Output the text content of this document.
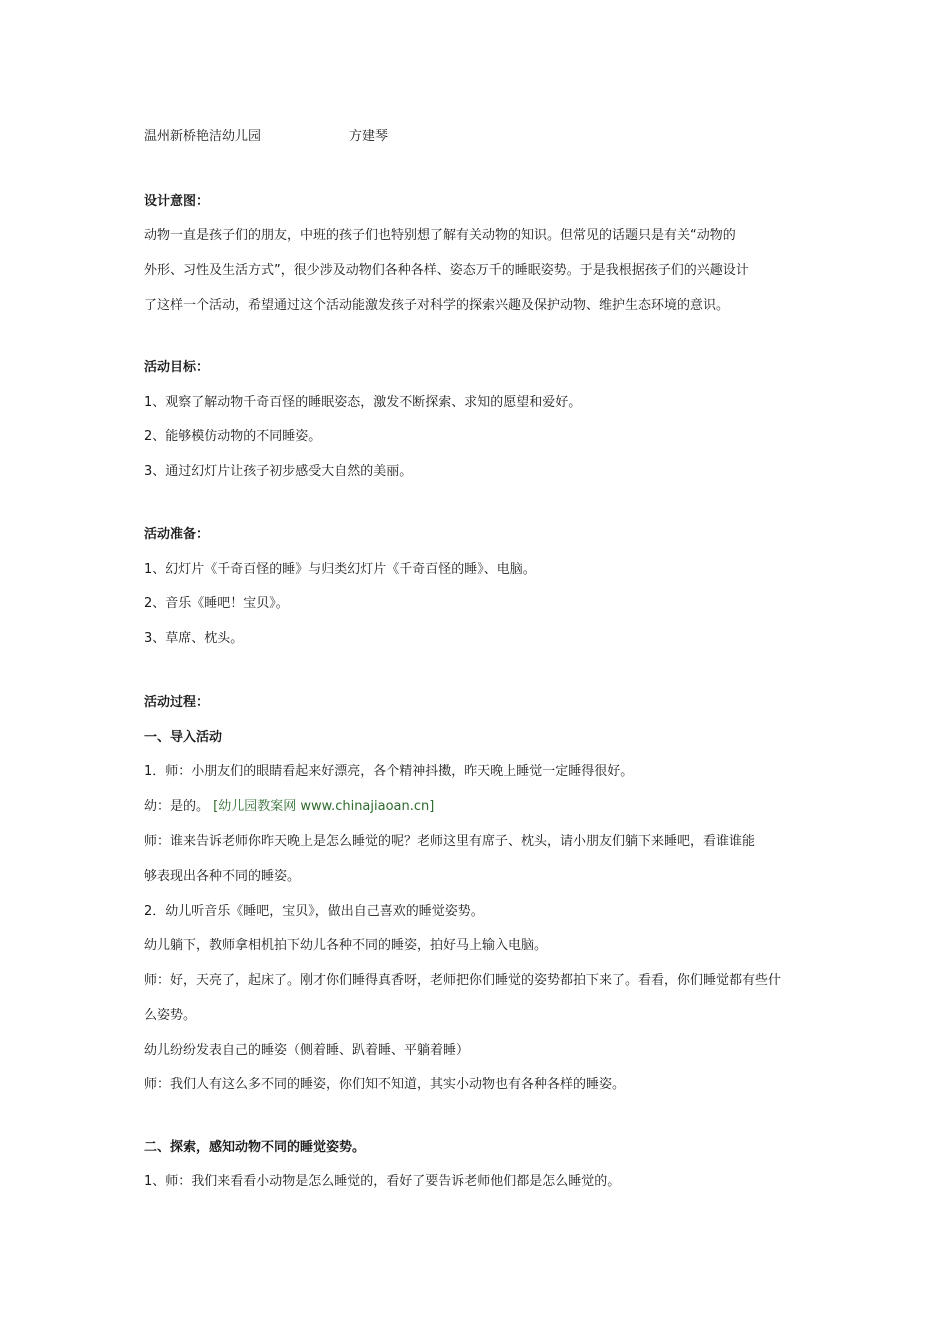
温州新桥艳洁幼儿园	方建琴
设计意图：
动物一直是孩子们的朋友，中班的孩子们也特别想了解有关动物的知识。但常见的话题只是有关“动物的
外形、习性及生活方式”，很少涉及动物们各种各样、姿态万千的睡眠姿势。于是我根据孩子们的兴趣设计
了这样一个活动，希望通过这个活动能激发孩子对科学的探索兴趣及保护动物、维护生态环境的意识。
活动目标：
1、观察了解动物千奇百怪的睡眠姿态，激发不断探索、求知的愿望和爱好。
2、能够模仿动物的不同睡姿。
3、通过幻灯片让孩子初步感受大自然的美丽。
活动准备：
1、幻灯片《千奇百怪的睡》与归类幻灯片《千奇百怪的睡》、电脑。
2、音乐《睡吧！宝贝》。
3、草席、枕头。
活动过程：
一、导入活动
1．师：小朋友们的眼睛看起来好漂亮，各个精神抖擞，昨天晚上睡觉一定睡得很好。
幼：是的。 [幼儿园教案网 www.chinajiaoan.cn]
师：谁来告诉老师你昨天晚上是怎么睡觉的呢？老师这里有席子、枕头，请小朋友们躺下来睡吧，看谁谁能
够表现出各种不同的睡姿。
2．幼儿听音乐《睡吧，宝贝》，做出自己喜欢的睡觉姿势。
幼儿躺下，教师拿相机拍下幼儿各种不同的睡姿，拍好马上输入电脑。
师：好，天亮了，起床了。刚才你们睡得真香呀，老师把你们睡觉的姿势都拍下来了。看看，你们睡觉都有些什
么姿势。
幼儿纷纷发表自己的睡姿（侧着睡、趴着睡、平躺着睡）
师：我们人有这么多不同的睡姿，你们知不知道，其实小动物也有各种各样的睡姿。
二、探索，感知动物不同的睡觉姿势。
1、师：我们来看看小动物是怎么睡觉的，看好了要告诉老师他们都是怎么睡觉的。
